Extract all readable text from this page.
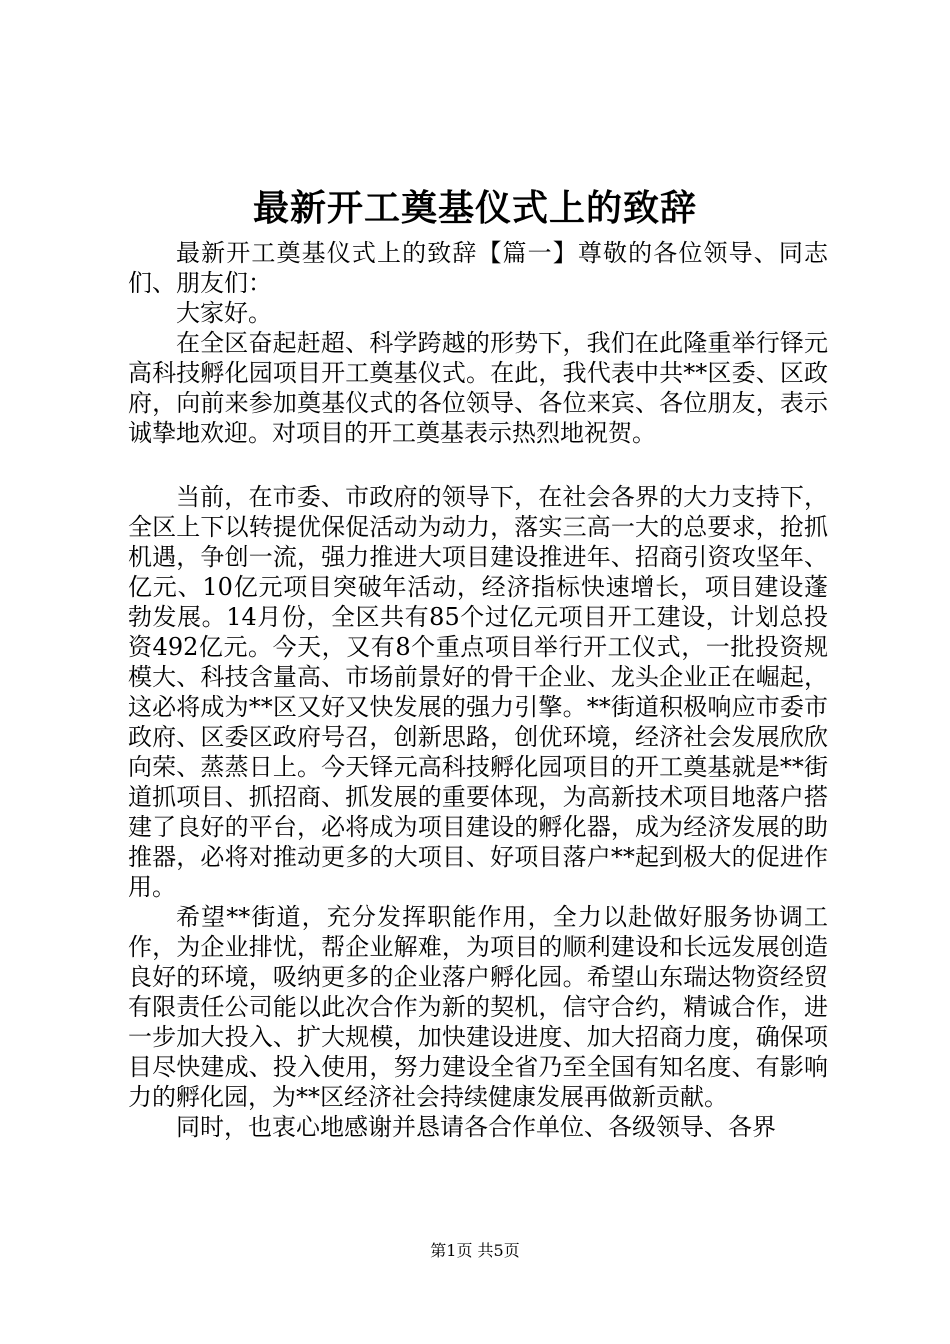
最新开工奠基仪式上的致辞

最新开工奠基仪式上的致辞【篇一】尊敬的各位领导、同志们、朋友们：

大家好。

在全区奋起赶超、科学跨越的形势下，我们在此隆重举行铎元高科技孵化园项目开工奠基仪式。在此，我代表中共**区委、区政府，向前来参加奠基仪式的各位领导、各位来宾、各位朋友，表示诚挚地欢迎。对项目的开工奠基表示热烈地祝贺。

当前，在市委、市政府的领导下，在社会各界的大力支持下，全区上下以转提优保促活动为动力，落实三高一大的总要求，抢抓机遇，争创一流，强力推进大项目建设推进年、招商引资攻坚年、亿元、10亿元项目突破年活动，经济指标快速增长，项目建设蓬勃发展。14月份，全区共有85个过亿元项目开工建设，计划总投资492亿元。今天，又有8个重点项目举行开工仪式，一批投资规模大、科技含量高、市场前景好的骨干企业、龙头企业正在崛起，这必将成为**区又好又快发展的强力引擎。**街道积极响应市委市政府、区委区政府号召，创新思路，创优环境，经济社会发展欣欣向荣、蒸蒸日上。今天铎元高科技孵化园项目的开工奠基就是**街道抓项目、抓招商、抓发展的重要体现，为高新技术项目地落户搭建了良好的平台，必将成为项目建设的孵化器，成为经济发展的助推器，必将对推动更多的大项目、好项目落户**起到极大的促进作用。

希望**街道，充分发挥职能作用，全力以赴做好服务协调工作，为企业排忧，帮企业解难，为项目的顺利建设和长远发展创造良好的环境，吸纳更多的企业落户孵化园。希望山东瑞达物资经贸有限责任公司能以此次合作为新的契机，信守合约，精诚合作，进一步加大投入、扩大规模，加快建设进度、加大招商力度，确保项目尽快建成、投入使用，努力建设全省乃至全国有知名度、有影响力的孵化园，为**区经济社会持续健康发展再做新贡献。

同时，也衷心地感谢并恳请各合作单位、各级领导、各界

第1页 共5页
